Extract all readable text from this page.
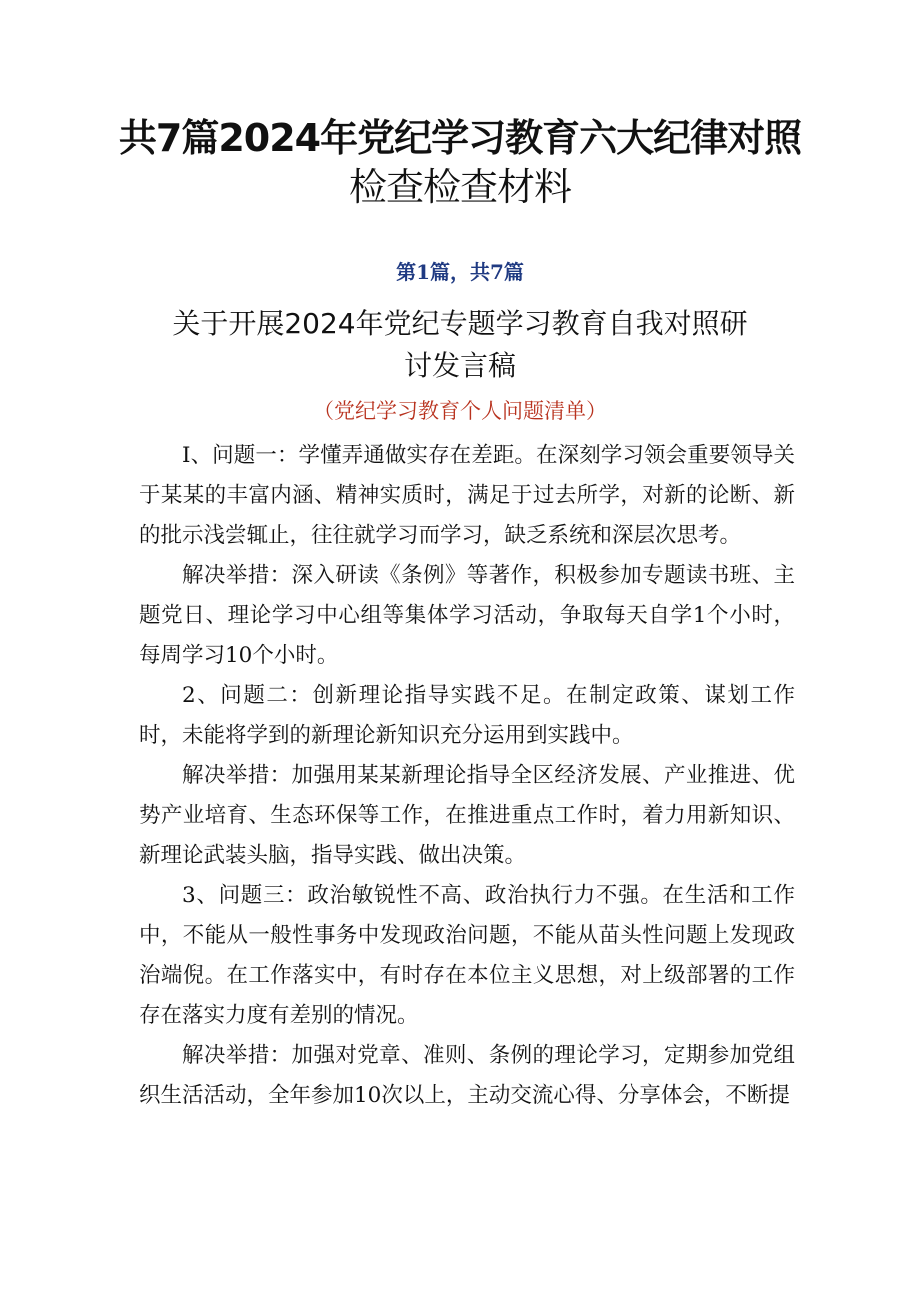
共7篇2024年党纪学习教育六大纪律对照
检查检查材料
第1篇，共7篇
关于开展2024年党纪专题学习教育自我对照研
讨发言稿
（党纪学习教育个人问题清单）

I、问题一：学懂弄通做实存在差距。在深刻学习领会重要领导关于某某的丰富内涵、精神实质时，满足于过去所学，对新的论断、新的批示浅尝辄止，往往就学习而学习，缺乏系统和深层次思考。

解决举措：深入研读《条例》等著作，积极参加专题读书班、主题党日、理论学习中心组等集体学习活动，争取每天自学1个小时，每周学习10个小时。

2、问题二：创新理论指导实践不足。在制定政策、谋划工作时，未能将学到的新理论新知识充分运用到实践中。

解决举措：加强用某某新理论指导全区经济发展、产业推进、优势产业培育、生态环保等工作，在推进重点工作时，着力用新知识、新理论武装头脑，指导实践、做出决策。

3、问题三：政治敏锐性不高、政治执行力不强。在生活和工作中，不能从一般性事务中发现政治问题，不能从苗头性问题上发现政治端倪。在工作落实中，有时存在本位主义思想，对上级部署的工作存在落实力度有差别的情况。

解决举措：加强对党章、准则、条例的理论学习，定期参加党组织生活活动，全年参加10次以上，主动交流心得、分享体会，不断提
